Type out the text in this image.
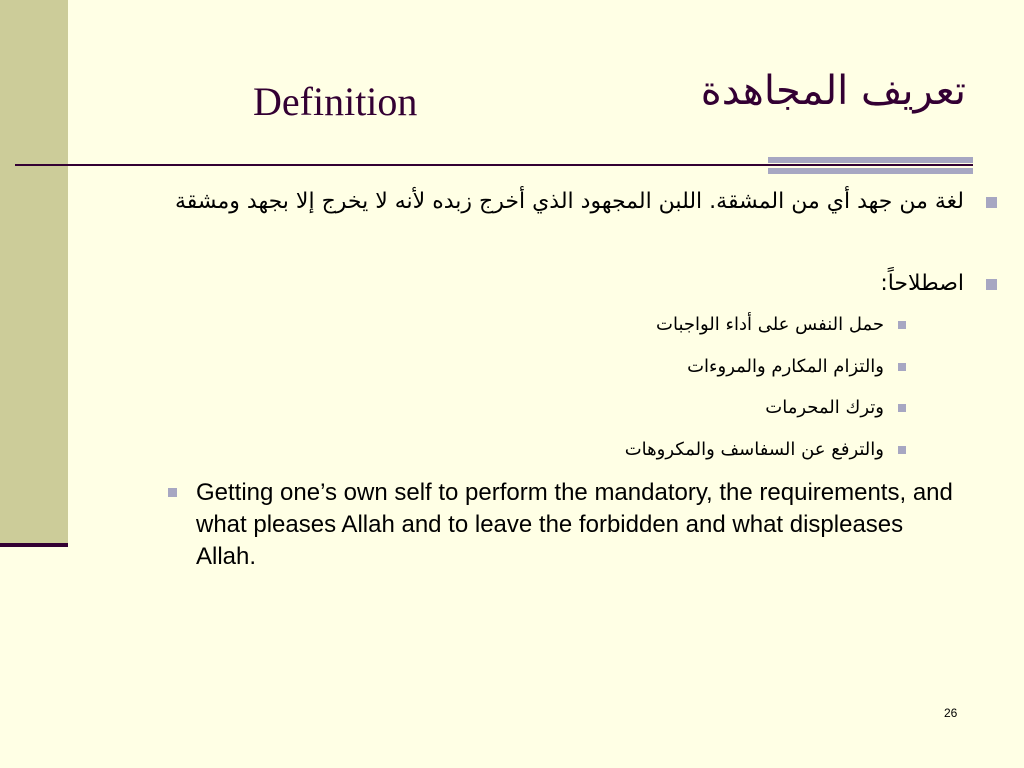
Definition	تعريف المجاهدة
لغة من جهد أي من المشقة. اللبن المجهود الذي أخرج زبده لأنه لا يخرج إلا بجهد ومشقة
اصطلاحاً:
حمل النفس على أداء الواجبات
والتزام المكارم والمروءات
وترك المحرمات
والترفع عن السفاسف والمكروهات
Getting one’s own self to perform the mandatory, the requirements, and what pleases Allah and to leave the forbidden and what displeases Allah.
26
